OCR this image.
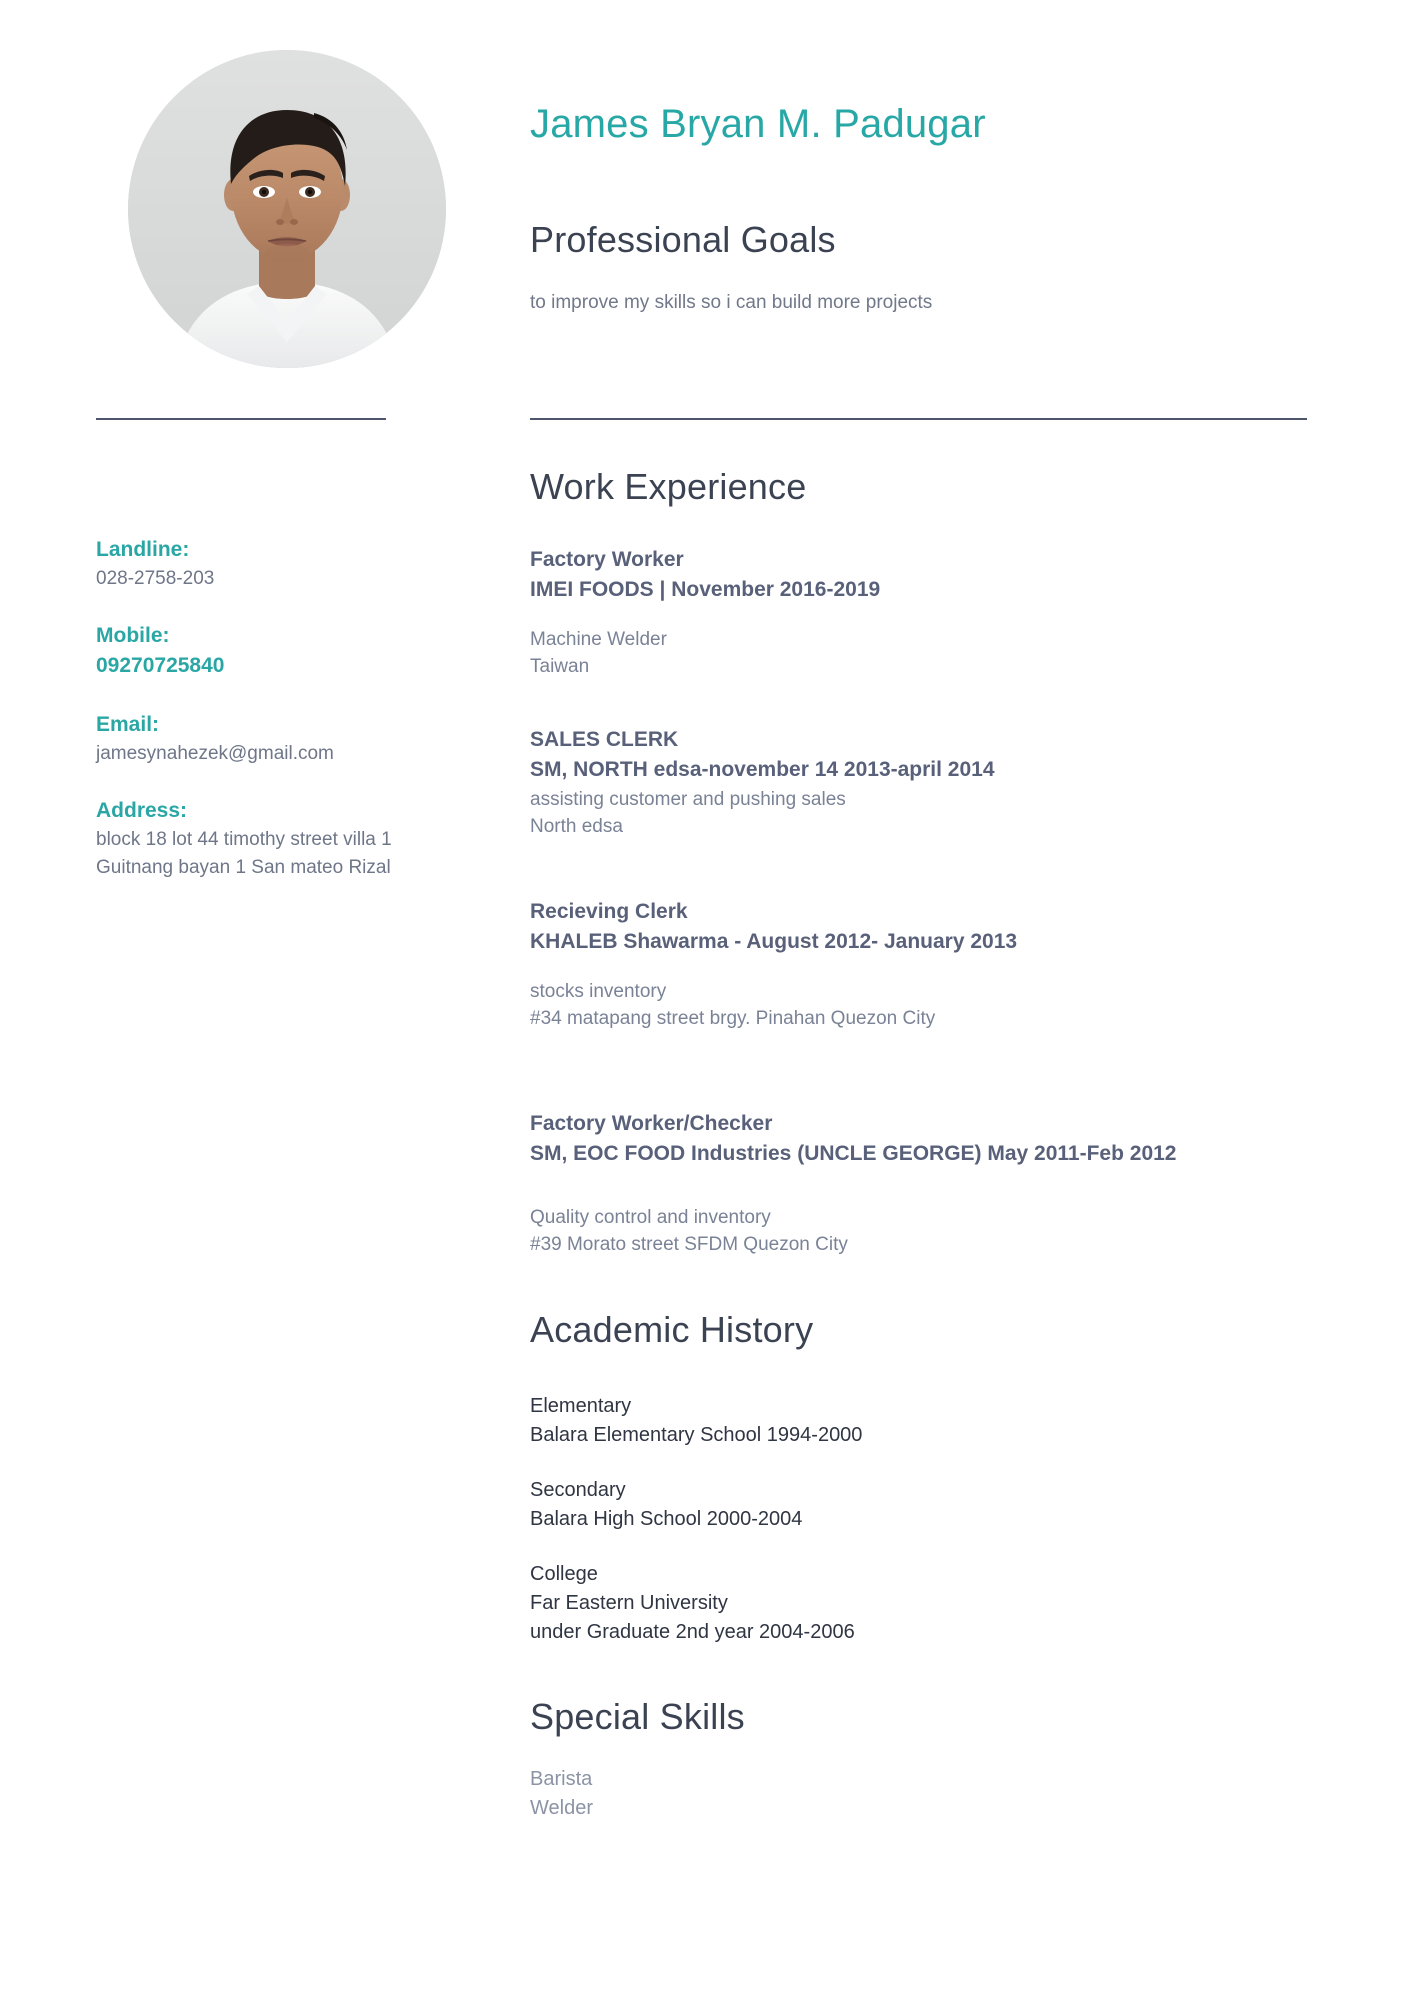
James Bryan M. Padugar
Professional Goals
to improve my skills so i can build more projects
Landline:
028-2758-203
Mobile:
09270725840
Email:
jamesynahezek@gmail.com
Address:
block 18 lot 44 timothy street villa 1
Guitnang bayan 1 San mateo Rizal
Work Experience
Factory Worker
IMEI FOODS | November 2016-2019
Machine Welder
Taiwan
SALES CLERK
SM, NORTH edsa-november 14 2013-april 2014
assisting customer and pushing sales
North edsa
Recieving Clerk
KHALEB Shawarma - August 2012- January 2013
stocks inventory
#34 matapang street brgy. Pinahan Quezon City
Factory Worker/Checker
SM, EOC FOOD Industries (UNCLE GEORGE) May 2011-Feb 2012
Quality control and inventory
#39 Morato street SFDM Quezon City
Academic History
Elementary
Balara Elementary School 1994-2000
Secondary
Balara High School 2000-2004
College
Far Eastern University
under Graduate 2nd year 2004-2006
Special Skills
Barista
Welder
